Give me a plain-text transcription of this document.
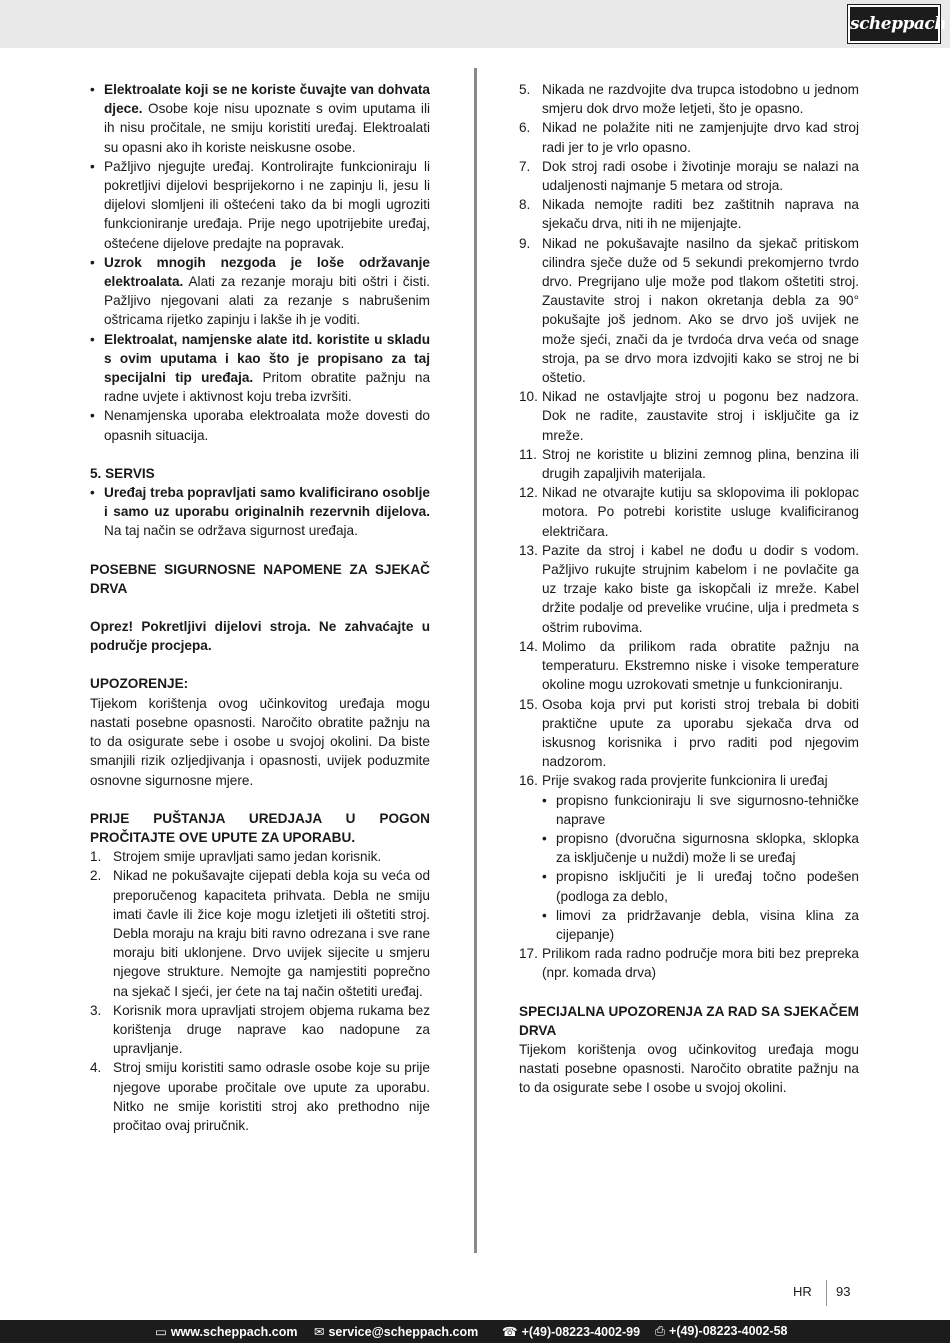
scheppach
• Elektroalate koji se ne koriste čuvajte van dohvata djece. Osobe koje nisu upoznate s ovim uputama ili ih nisu pročitale, ne smiju koristiti uređaj. Elektroalati su opasni ako ih koriste neiskusne osobe.
• Pažljivo njegujte uređaj. Kontrolirajte funkcioniraju li pokretljivi dijelovi besprijekorno i ne zapinju li, jesu li dijelovi slomljeni ili oštećeni tako da bi mogli ugroziti funkcioniranje uređaja. Prije nego upotrijebite uređaj, oštećene dijelove predajte na popravak.
• Uzrok mnogih nezgoda je loše održavanje elektroalata. Alati za rezanje moraju biti oštri i čisti. Pažljivo njegovani alati za rezanje s nabrušenim oštricama rijetko zapinju i lakše ih je voditi.
• Elektroalat, namjenske alate itd. koristite u skladu s ovim uputama i kao što je propisano za taj specijalni tip uređaja. Pritom obratite pažnju na radne uvjete i aktivnost koju treba izvršiti.
• Nenamjenska uporaba elektroalata može dovesti do opasnih situacija.

5. SERVIS

• Uređaj treba popravljati samo kvalificirano osoblje i samo uz uporabu originalnih rezervnih dijelova. Na taj način se održava sigurnost uređaja.

POSEBNE SIGURNOSNE NAPOMENE ZA SJEKAČ DRVA

Oprez! Pokretljivi dijelovi stroja. Ne zahvaćajte u područje procjepa.

UPOZORENJE:

Tijekom korištenja ovog učinkovitog uređaja mogu nastati posebne opasnosti. Naročito obratite pažnju na to da osigurate sebe i osobe u svojoj okolini. Da biste smanjili rizik ozljedjivanja i opasnosti, uvijek poduzmite osnovne sigurnosne mjere.

PRIJE PUŠTANJA UREDJAJA U POGON PROČITAJTE OVE UPUTE ZA UPORABU.

1. Strojem smije upravljati samo jedan korisnik.
2. Nikad ne pokušavajte cijepati debla koja su veća od preporučenog kapaciteta prihvata. Debla ne smiju imati čavle ili žice koje mogu izletjeti ili oštetiti stroj. Debla moraju na kraju biti ravno odrezana i sve rane moraju biti uklonjene. Drvo uvijek sijecite u smjeru njegove strukture. Nemojte ga namjestiti poprečno na sjekač I sjeći, jer ćete na taj način oštetiti uređaj.
3. Korisnik mora upravljati strojem objema rukama bez korištenja druge naprave kao nadopune za upravljanje.
4. Stroj smiju koristiti samo odrasle osobe koje su prije njegove uporabe pročitale ove upute za uporabu. Nitko ne smije koristiti stroj ako prethodno nije pročitao ovaj priručnik.
5. Nikada ne razdvojite dva trupca istodobno u jednom smjeru dok drvo može letjeti, što je opasno.
6. Nikad ne polažite niti ne zamjenjujte drvo kad stroj radi jer to je vrlo opasno.
7. Dok stroj radi osobe i životinje moraju se nalazi na udaljenosti najmanje 5 metara od stroja.
8. Nikada nemojte raditi bez zaštitnih naprava na sjekaču drva, niti ih ne mijenjajte.
9. Nikad ne pokušavajte nasilno da sjekač pritiskom cilindra sječe duže od 5 sekundi prekomjerno tvrdo drvo. Pregrijano ulje može pod tlakom oštetiti stroj. Zaustavite stroj i nakon okretanja debla za 90° pokušajte još jednom. Ako se drvo još uvijek ne može sjeći, znači da je tvrdoća drva veća od snage stroja, pa se drvo mora izdvojiti kako se stroj ne bi oštetio.
10. Nikad ne ostavljajte stroj u pogonu bez nadzora. Dok ne radite, zaustavite stroj i isključite ga iz mreže.
11. Stroj ne koristite u blizini zemnog plina, benzina ili drugih zapaljivih materijala.
12. Nikad ne otvarajte kutiju sa sklopovima ili poklopac motora. Po potrebi koristite usluge kvalificiranog električara.
13. Pazite da stroj i kabel ne dođu u dodir s vodom. Pažljivo rukujte strujnim kabelom i ne povlačite ga uz trzaje kako biste ga iskopčali iz mreže. Kabel držite podalje od prevelike vrućine, ulja i predmeta s oštrim rubovima.
14. Molimo da prilikom rada obratite pažnju na temperaturu. Ekstremno niske i visoke temperature okoline mogu uzrokovati smetnje u funkcioniranju.
15. Osoba koja prvi put koristi stroj trebala bi dobiti praktične upute za uporabu sjekača drva od iskusnog korisnika i prvo raditi pod njegovim nadzorom.
16. Prije svakog rada provjerite funkcionira li uređaj
• propisno funkcioniraju li sve sigurnosno-tehničke naprave
• propisno (dvoručna sigurnosna sklopka, sklopka za isključenje u nuždi) može li se uređaj
• propisno isključiti je li uređaj točno podešen (podloga za deblo,
• limovi za pridržavanje debla, visina klina za cijepanje)
17. Prilikom rada radno područje mora biti bez prepreka (npr. komada drva)

SPECIJALNA UPOZORENJA ZA RAD SA SJEKAČEM DRVA

Tijekom korištenja ovog učinkovitog uređaja mogu nastati posebne opasnosti. Naročito obratite pažnju na to da osigurate sebe I osobe u svojoj okolini.

HR 93
▭ www.scheppach.com ✉ service@scheppach.com ☎ +(49)-08223-4002-99 ⎙ +(49)-08223-4002-58
